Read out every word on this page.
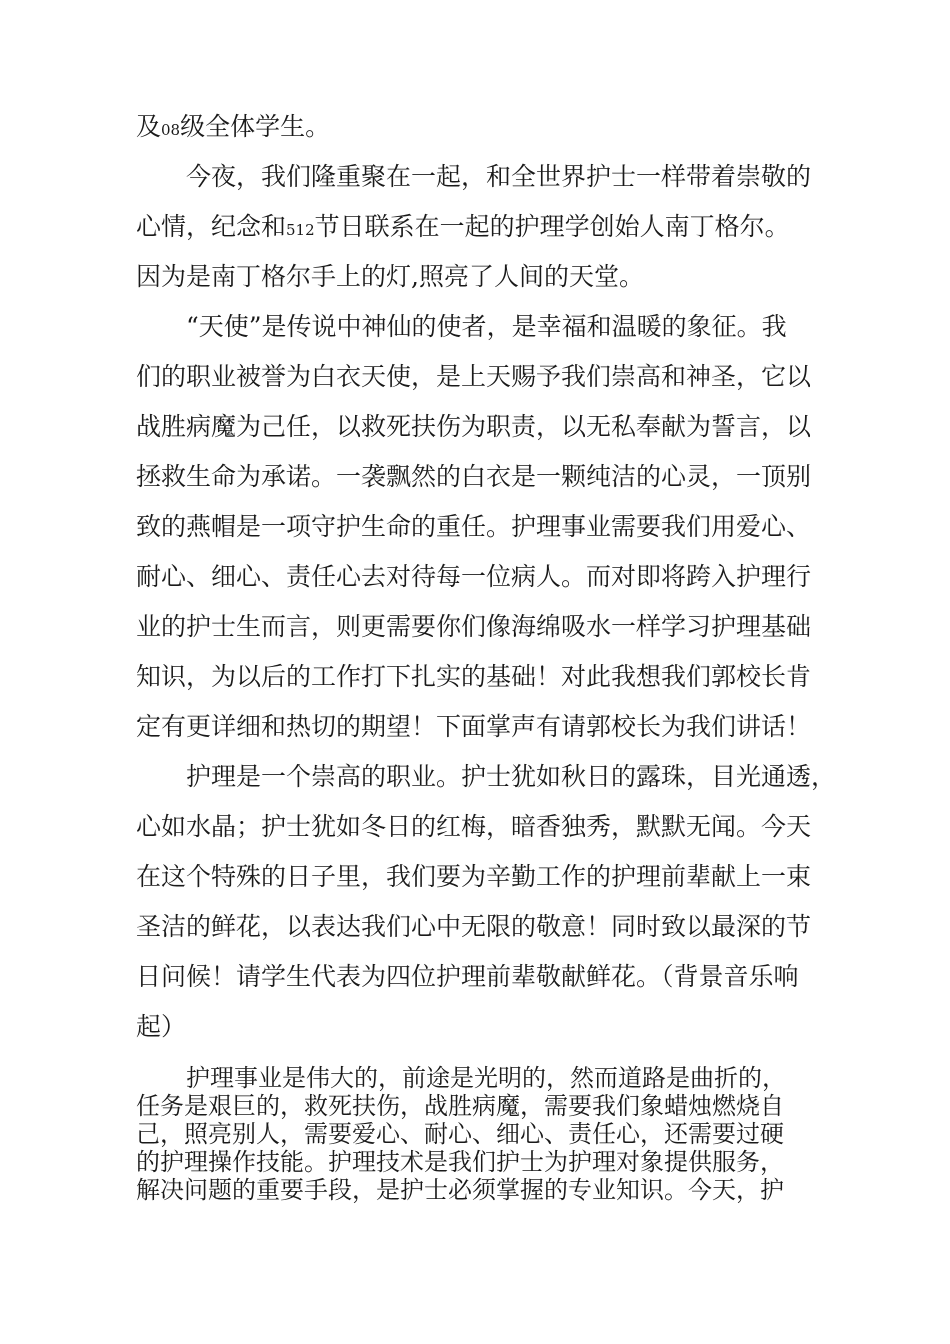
及08级全体学生。
今夜，我们隆重聚在一起，和全世界护士一样带着崇敬的
心情，纪念和512节日联系在一起的护理学创始人南丁格尔。
因为是南丁格尔手上的灯,照亮了人间的天堂。
“天使”是传说中神仙的使者，是幸福和温暖的象征。我
们的职业被誉为白衣天使，是上天赐予我们崇高和神圣，它以
战胜病魔为己任，以救死扶伤为职责，以无私奉献为誓言，以
拯救生命为承诺。一袭飘然的白衣是一颗纯洁的心灵，一顶别
致的燕帽是一项守护生命的重任。护理事业需要我们用爱心、
耐心、细心、责任心去对待每一位病人。而对即将跨入护理行
业的护士生而言，则更需要你们像海绵吸水一样学习护理基础
知识，为以后的工作打下扎实的基础！对此我想我们郭校长肯
定有更详细和热切的期望！下面掌声有请郭校长为我们讲话！
护理是一个崇高的职业。护士犹如秋日的露珠，目光通透，
心如水晶；护士犹如冬日的红梅，暗香独秀，默默无闻。今天
在这个特殊的日子里，我们要为辛勤工作的护理前辈献上一束
圣洁的鲜花，以表达我们心中无限的敬意！同时致以最深的节
日问候！请学生代表为四位护理前辈敬献鲜花。（背景音乐响
起）
护理事业是伟大的，前途是光明的，然而道路是曲折的，
任务是艰巨的，救死扶伤，战胜病魔，需要我们象蜡烛燃烧自
己，照亮别人，需要爱心、耐心、细心、责任心，还需要过硬
的护理操作技能。护理技术是我们护士为护理对象提供服务，
解决问题的重要手段，是护士必须掌握的专业知识。今天，护
